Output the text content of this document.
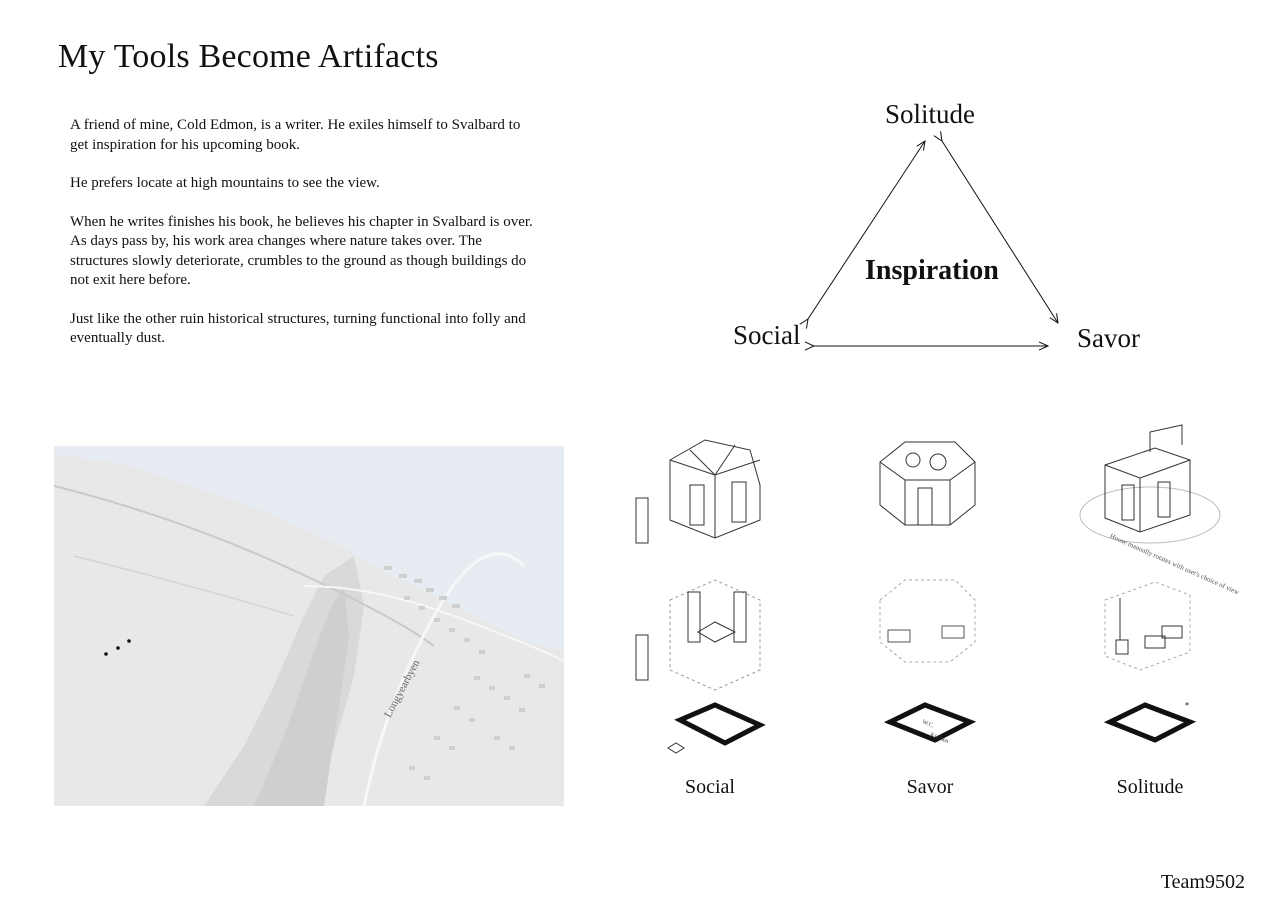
My Tools Become Artifacts

A friend of mine, Cold Edmon, is a writer. He exiles himself to Svalbard to get inspiration for his upcoming book.

He prefers locate at high mountains to see the view.

When he writes finishes his book, he believes his chapter in Svalbard is over. As days pass by, his work area changes where nature takes over. The structures slowly deteriorate, crumbles to the ground as though buildings do not exit here before.

Just like the other ruin historical structures, turning functional into folly and eventually dust.

Solitude
Social	Savor
Inspiration
Longyearbyen
Social
W.C.
Kitchen
Savor
*
House manually rotates with user's choice of view
Solitude
Team9502
